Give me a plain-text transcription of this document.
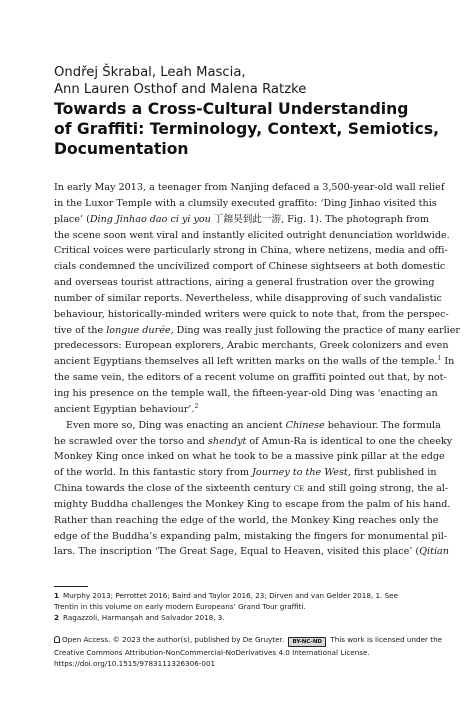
Ondřej Škrabal, Leah Mascia,
Ann Lauren Osthof and Malena Ratzke
Towards a Cross-Cultural Understanding
of Graffiti: Terminology, Context, Semiotics,
Documentation
In early May 2013, a teenager from Nanjing defaced a 3,500-year-old wall relief
in the Luxor Temple with a clumsily executed graffito: ‘Ding Jinhao visited this
place’ (Ding Jinhao dao ci yi you 丁錦昊到此一游, Fig. 1). The photograph from
the scene soon went viral and instantly elicited outright denunciation worldwide.
Critical voices were particularly strong in China, where netizens, media and offi-
cials condemned the uncivilized comport of Chinese sightseers at both domestic
and overseas tourist attractions, airing a general frustration over the growing
number of similar reports. Nevertheless, while disapproving of such vandalistic
behaviour, historically-minded writers were quick to note that, from the perspec-
tive of the longue durée, Ding was really just following the practice of many earlier
predecessors: European explorers, Arabic merchants, Greek colonizers and even
ancient Egyptians themselves all left written marks on the walls of the temple.$^1$ In
the same vein, the editors of a recent volume on graffiti pointed out that, by not-
ing his presence on the temple wall, the fifteen-year-old Ding was ‘enacting an
ancient Egyptian behaviour’.$^2$
Even more so, Ding was enacting an ancient Chinese behaviour. The formula
he scrawled over the torso and shendyt of Amun-Ra is identical to one the cheeky
Monkey King once inked on what he took to be a massive pink pillar at the edge
of the world. In this fantastic story from Journey to the West, first published in
China towards the close of the sixteenth century ce and still going strong, the al-
mighty Buddha challenges the Monkey King to escape from the palm of his hand.
Rather than reaching the edge of the world, the Monkey King reaches only the
edge of the Buddha’s expanding palm, mistaking the fingers for monumental pil-
lars. The inscription ‘The Great Sage, Equal to Heaven, visited this place’ (Qitian
1 Murphy 2013; Perrottet 2016; Baird and Taylor 2016, 23; Dirven and van Gelder 2018, 1. See
Trentin in this volume on early modern Europeans’ Grand Tour graffiti.
2 Ragazzoli, Harmanşah and Salvador 2018, 3.
Open Access. © 2023 the author(s), published by De Gruyter. BY-NC-ND This work is licensed under the
Creative Commons Attribution-NonCommercial-NoDerivatives 4.0 International License.
https://doi.org/10.1515/9783111326306-001
